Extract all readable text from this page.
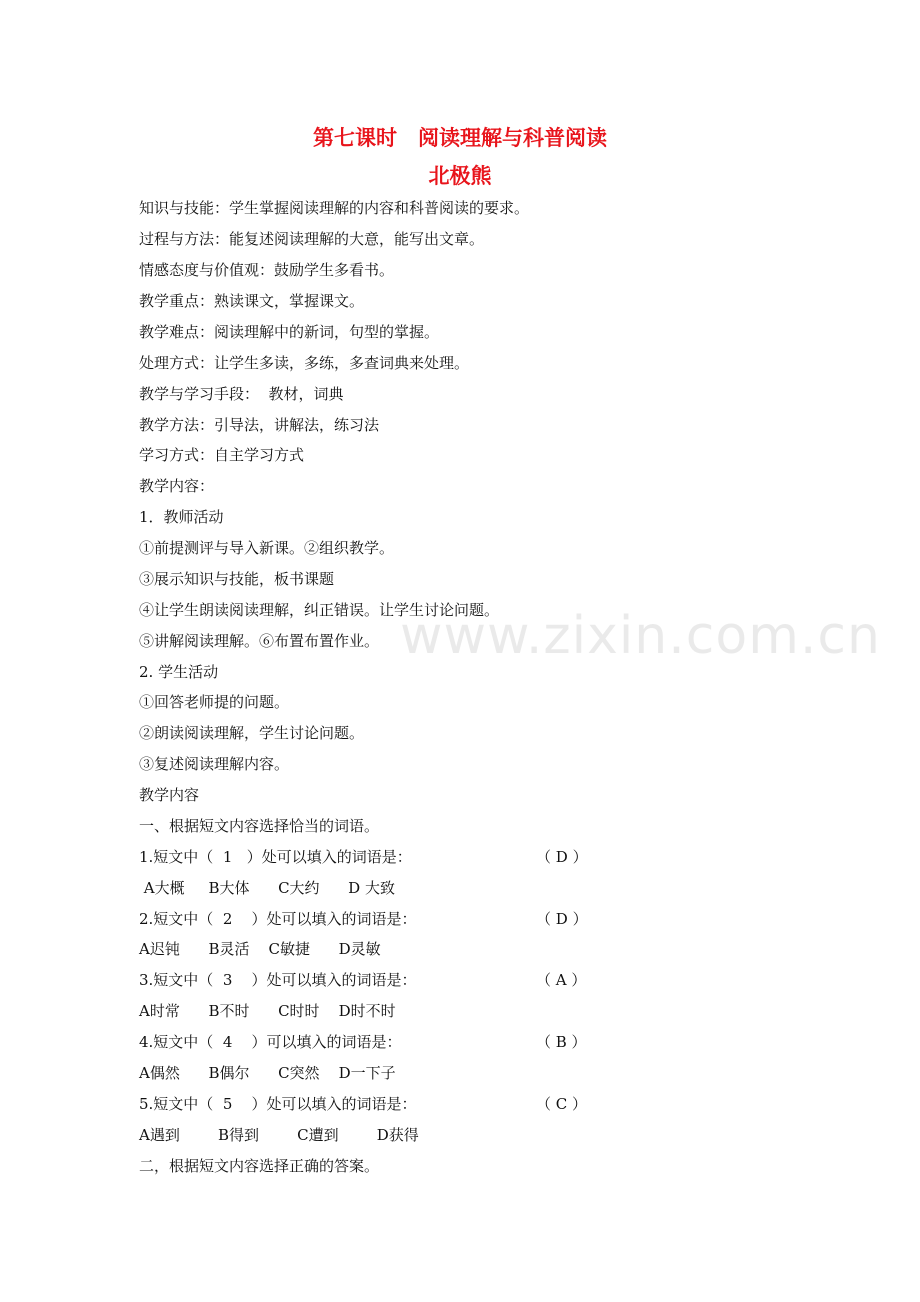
第七课时　阅读理解与科普阅读
北极熊
www.zixin.com.cn
知识与技能：学生掌握阅读理解的内容和科普阅读的要求。
过程与方法：能复述阅读理解的大意，能写出文章。
情感态度与价值观：鼓励学生多看书。
教学重点：熟读课文，掌握课文。
教学难点：阅读理解中的新词，句型的掌握。
处理方式：让学生多读，多练，多查词典来处理。
教学与学习手段：  教材，词典
教学方法：引导法，讲解法，练习法
学习方式：自主学习方式
教学内容：
1．教师活动
①前提测评与导入新课。②组织教学。
③展示知识与技能，板书课题
④让学生朗读阅读理解，纠正错误。让学生讨论问题。
⑤讲解阅读理解。⑥布置布置作业。
2. 学生活动
①回答老师提的问题。
②朗读阅读理解，学生讨论问题。
③复述阅读理解内容。
教学内容
一、根据短文内容选择恰当的词语。
1.短文中（  1   ）处可以填入的词语是：
A大概     B大体      C大约      D 大致
2.短文中（  2    ）处可以填入的词语是：
A迟钝      B灵活    C敏捷      D灵敏
3.短文中（  3    ）处可以填入的词语是：
A时常      B不时      C时时    D时不时
4.短文中（  4    ）可以填入的词语是：
A偶然      B偶尔      C突然    D一下子
5.短文中（  5    ）处可以填入的词语是：
A遇到        B得到        C遭到        D获得
二，根据短文内容选择正确的答案。
（ D ）
（ D ）
（ A ）
（ B ）
（ C ）
